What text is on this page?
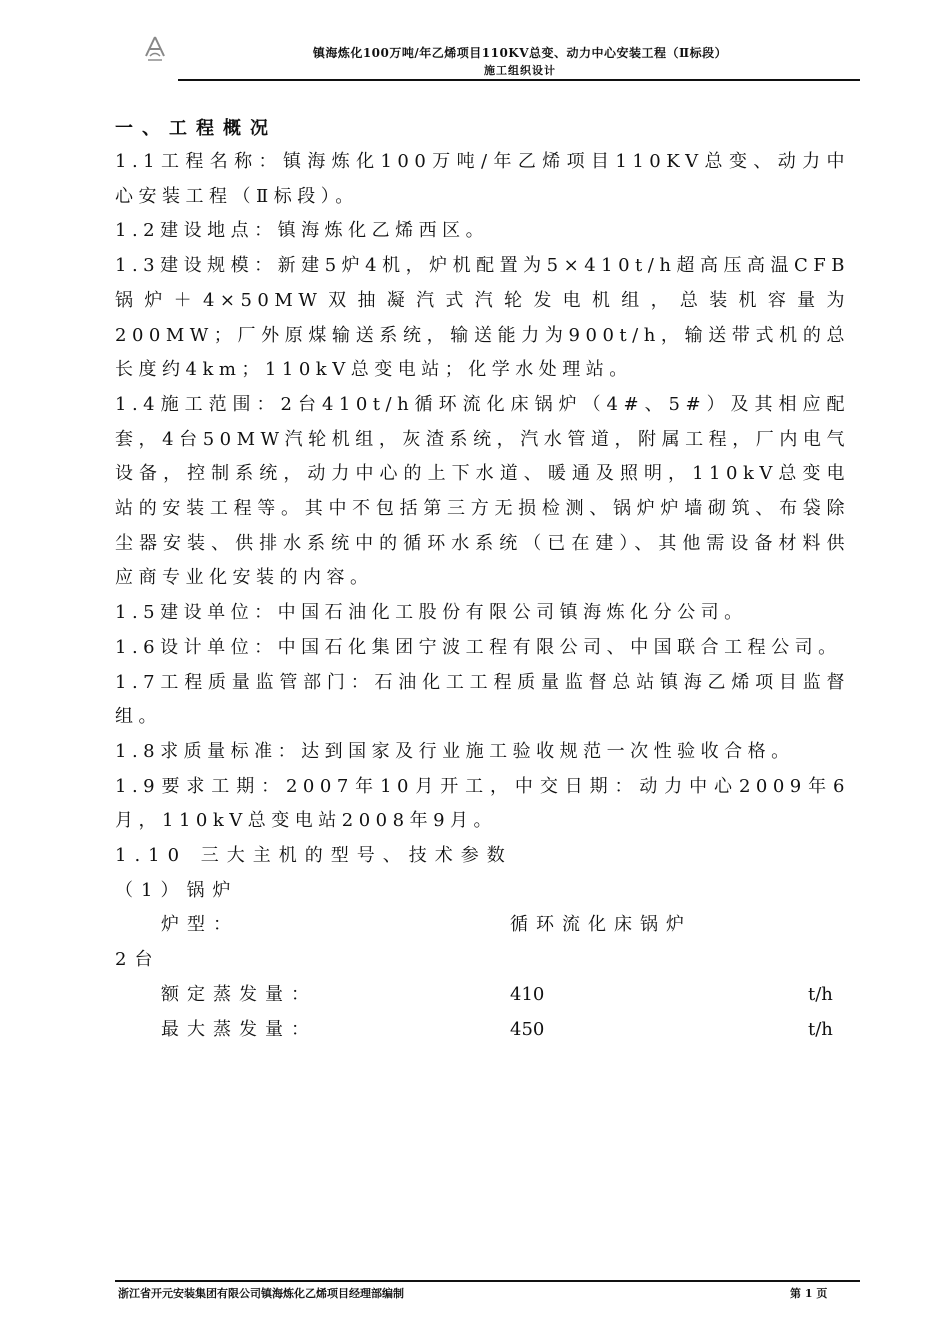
镇海炼化100万吨/年乙烯项目110KV总变、动力中心安装工程（Ⅱ标段）
施工组织设计
一、工程概况
1.1工程名称：镇海炼化100万吨/年乙烯项目110KV总变、动力中心安装工程（Ⅱ标段）。
1.2建设地点：镇海炼化乙烯西区。
1.3建设规模：新建5炉4机，炉机配置为5×410t/h超高压高温CFB锅炉＋4×50MW双抽凝汽式汽轮发电机组，总装机容量为200MW；厂外原煤输送系统，输送能力为900t/h，输送带式机的总长度约4km；110kV总变电站；化学水处理站。
1.4施工范围：2台410t/h循环流化床锅炉（4#、5#）及其相应配套，4台50MW汽轮机组，灰渣系统，汽水管道，附属工程，厂内电气设备，控制系统，动力中心的上下水道、暖通及照明，110kV总变电站的安装工程等。其中不包括第三方无损检测、锅炉炉墙砌筑、布袋除尘器安装、供排水系统中的循环水系统（已在建）、其他需设备材料供应商专业化安装的内容。
1.5建设单位：中国石油化工股份有限公司镇海炼化分公司。
1.6设计单位：中国石化集团宁波工程有限公司、中国联合工程公司。
1.7工程质量监管部门：石油化工工程质量监督总站镇海乙烯项目监督组。
1.8求质量标准：达到国家及行业施工验收规范一次性验收合格。
1.9要求工期：2007年10月开工，中交日期：动力中心2009年6月，110kV总变电站2008年9月。
1.10 三大主机的型号、技术参数
（1）锅炉
炉型：	循环流化床锅炉
2台
额定蒸发量：	410	t/h
最大蒸发量：	450	t/h
浙江省开元安装集团有限公司镇海炼化乙烯项目经理部编制	第 1 页
